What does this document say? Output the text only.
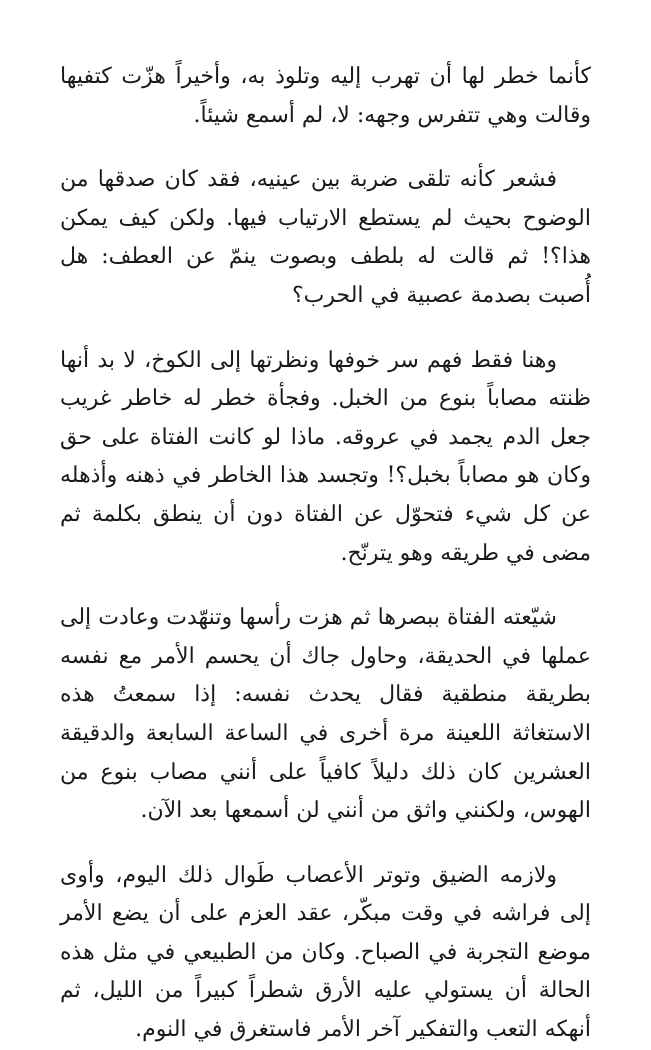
كأنما خطر لها أن تهرب إليه وتلوذ به، وأخيراً هزّت كتفيها وقالت وهي تتفرس وجهه: لا، لم أسمع شيئاً.

فشعر كأنه تلقى ضربة بين عينيه، فقد كان صدقها من الوضوح بحيث لم يستطع الارتياب فيها. ولكن كيف يمكن هذا؟! ثم قالت له بلطف وبصوت ينمّ عن العطف: هل أُصبت بصدمة عصبية في الحرب؟

وهنا فقط فهم سر خوفها ونظرتها إلى الكوخ، لا بد أنها ظنته مصاباً بنوع من الخبل. وفجأة خطر له خاطر غريب جعل الدم يجمد في عروقه. ماذا لو كانت الفتاة على حق وكان هو مصاباً بخبل؟! وتجسد هذا الخاطر في ذهنه وأذهله عن كل شيء فتحوّل عن الفتاة دون أن ينطق بكلمة ثم مضى في طريقه وهو يترنّح.

شيّعته الفتاة ببصرها ثم هزت رأسها وتنهّدت وعادت إلى عملها في الحديقة، وحاول جاك أن يحسم الأمر مع نفسه بطريقة منطقية فقال يحدث نفسه: إذا سمعتُ هذه الاستغاثة اللعينة مرة أخرى في الساعة السابعة والدقيقة العشرين كان ذلك دليلاً كافياً على أنني مصاب بنوع من الهوس، ولكنني واثق من أنني لن أسمعها بعد الآن.

ولازمه الضيق وتوتر الأعصاب طَوال ذلك اليوم، وأوى إلى فراشه في وقت مبكّر، عقد العزم على أن يضع الأمر موضع التجربة في الصباح. وكان من الطبيعي في مثل هذه الحالة أن يستولي عليه الأرق شطراً كبيراً من الليل، ثم أنهكه التعب والتفكير آخر الأمر فاستغرق في النوم.
